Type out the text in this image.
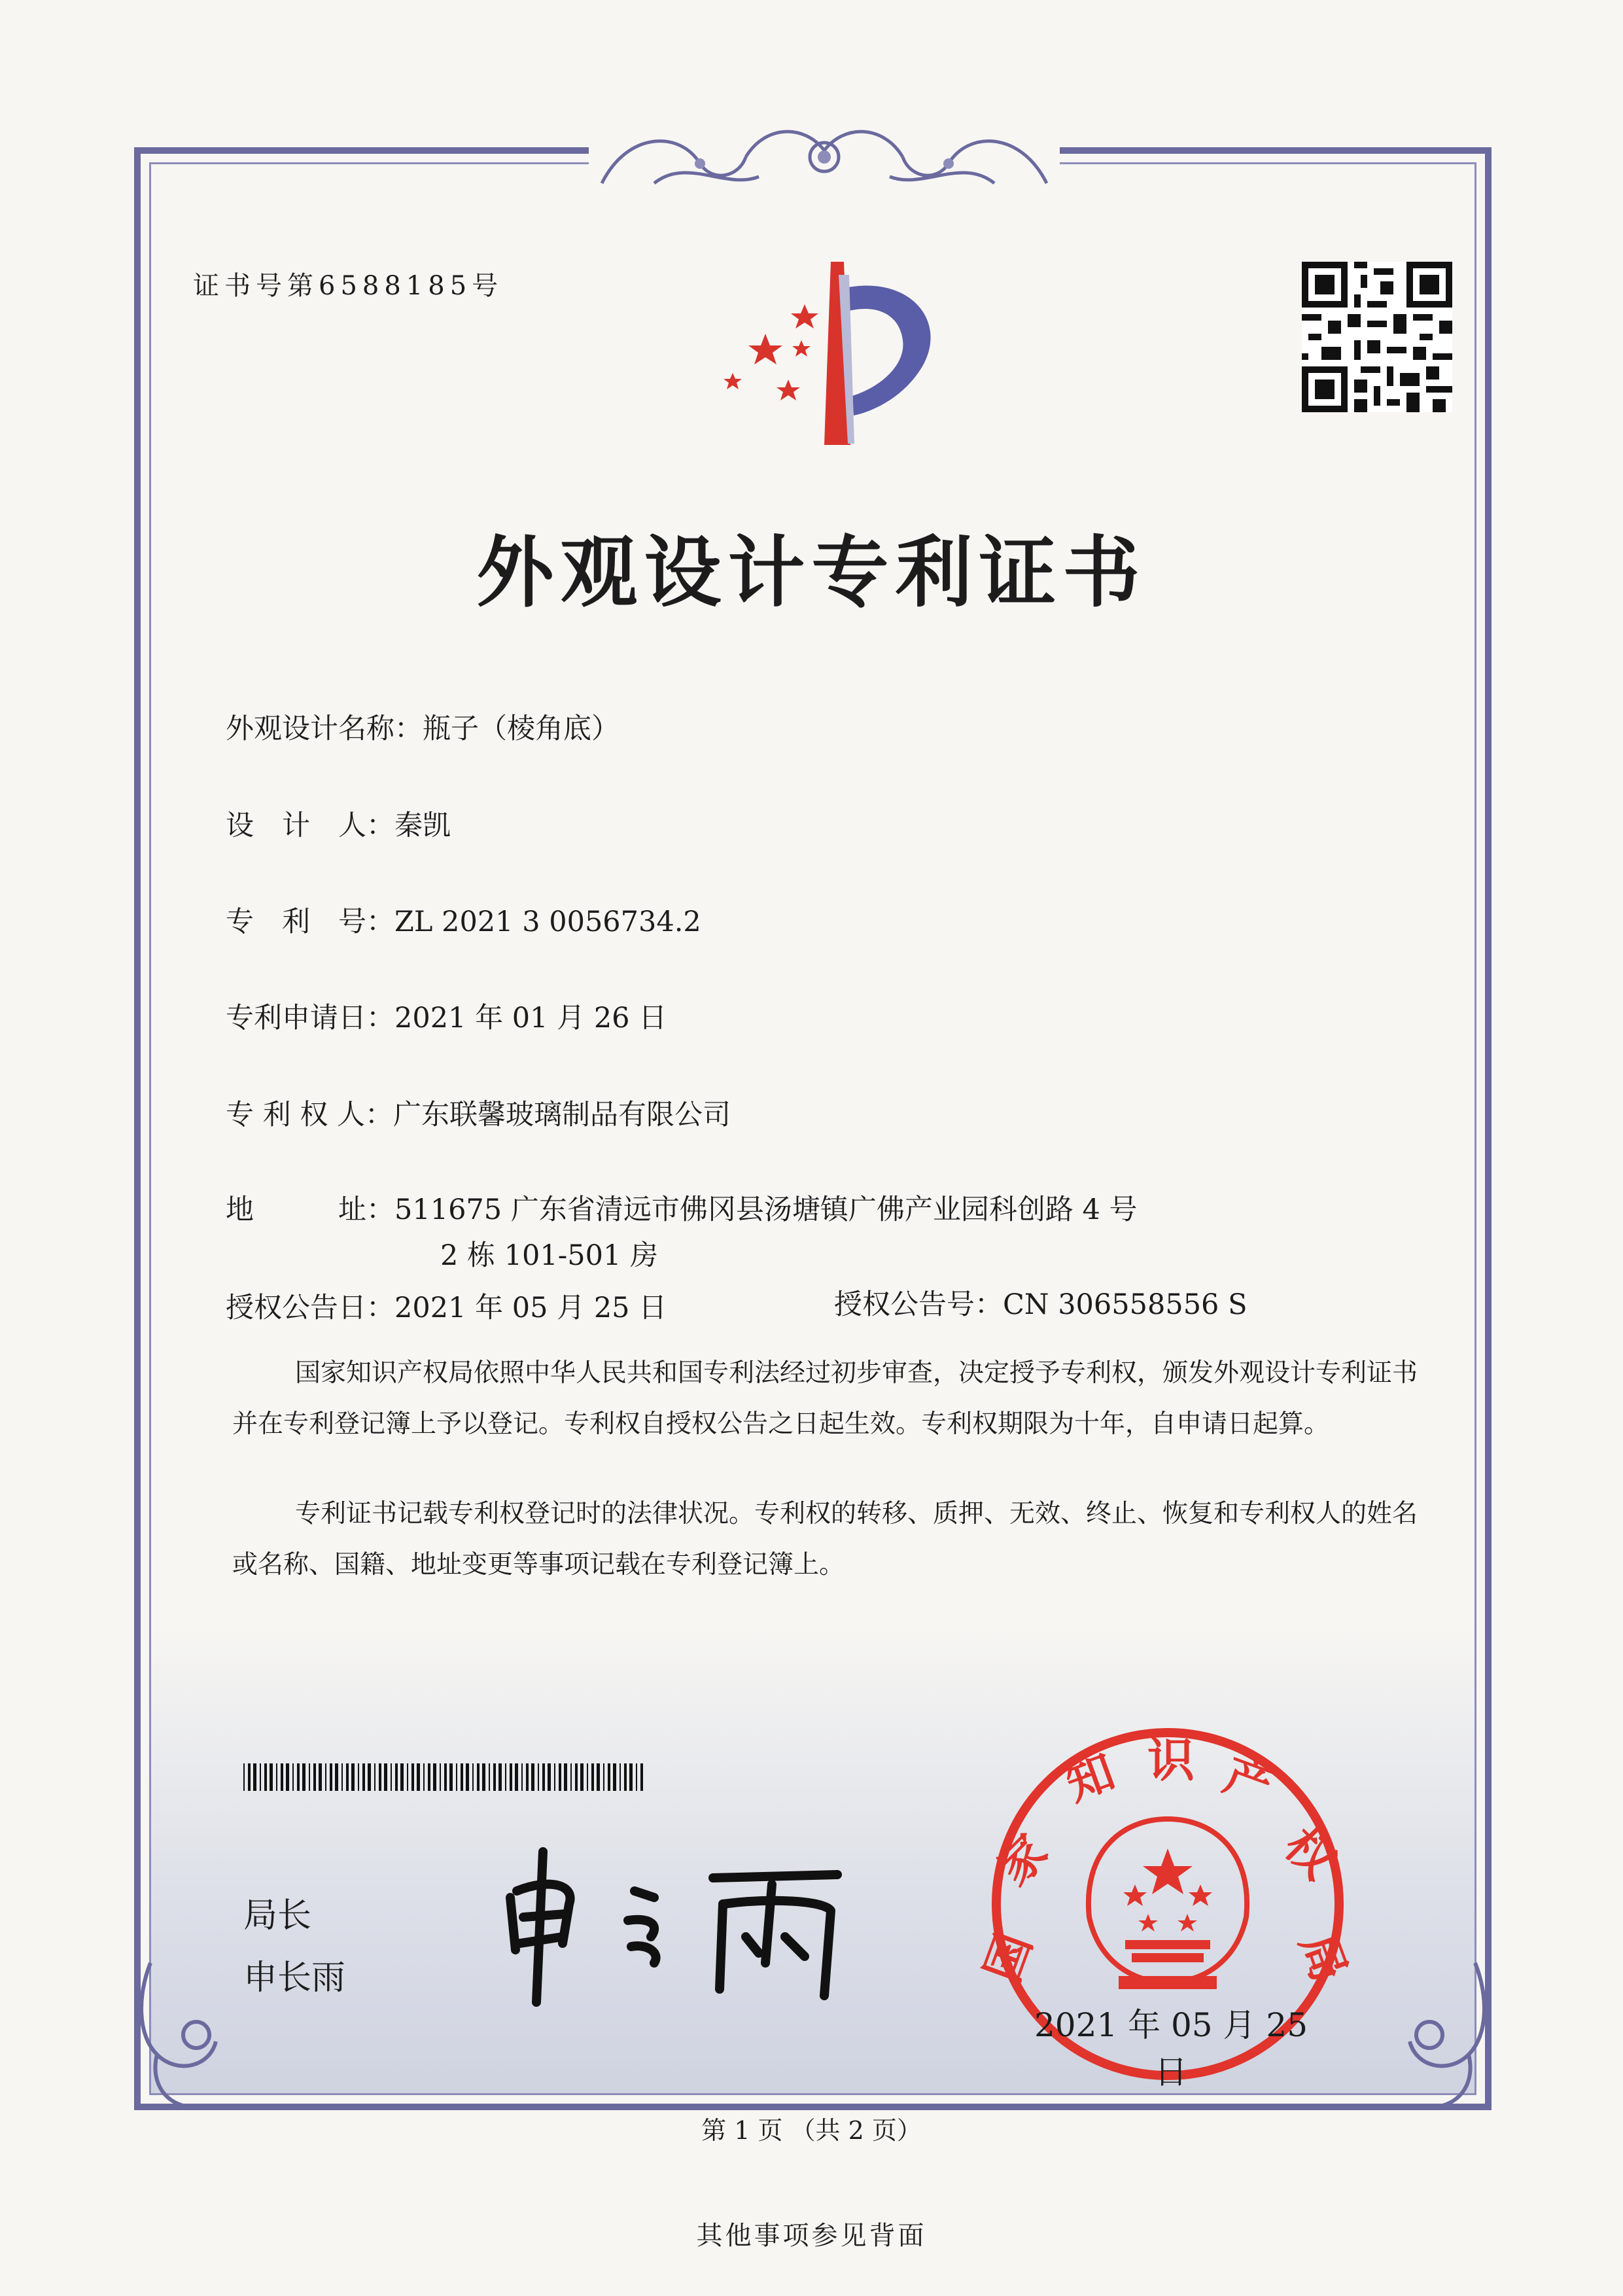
证书号第6588185号
外观设计专利证书
外观设计名称：瓶子（棱角底）
设　计　人：秦凯
专　利　号：ZL 2021 3 0056734.2
专利申请日：2021 年 01 月 26 日
专 利 权 人：广东联馨玻璃制品有限公司
地　　　址：511675 广东省清远市佛冈县汤塘镇广佛产业园科创路 4 号
2 栋 101-501 房
授权公告日：2021 年 05 月 25 日	授权公告号：CN 306558556 S
国家知识产权局依照中华人民共和国专利法经过初步审查，决定授予专利权，颁发外观设计专利证书并在专利登记簿上予以登记。专利权自授权公告之日起生效。专利权期限为十年，自申请日起算。
专利证书记载专利权登记时的法律状况。专利权的转移、质押、无效、终止、恢复和专利权人的姓名或名称、国籍、地址变更等事项记载在专利登记簿上。
局长
申长雨	国
家
知 识 产
权
局
2021 年 05 月 25 日
第 1 页 （共 2 页）
其他事项参见背面
